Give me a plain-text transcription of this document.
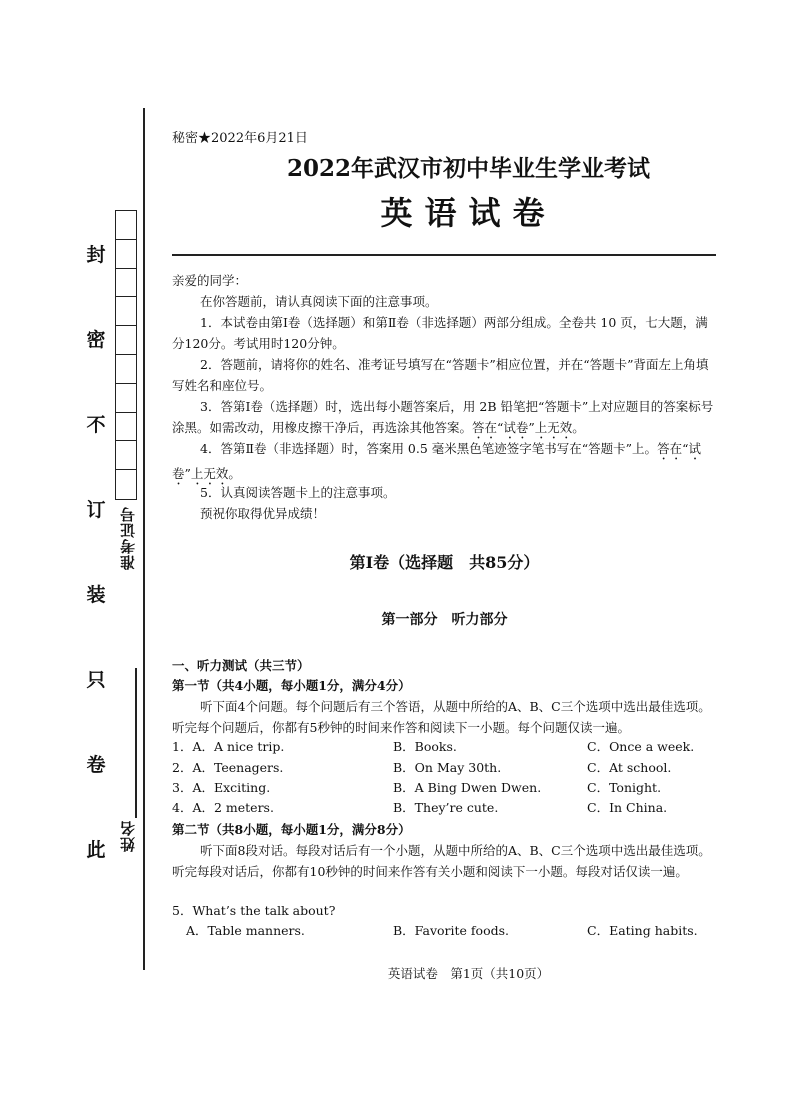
封
密
不
订
装
只
卷
此
准考证号
姓名
秘密★2022年6月21日
2022年武汉市初中毕业生学业考试
英语试卷
亲爱的同学：
在你答题前，请认真阅读下面的注意事项。
1．本试卷由第Ⅰ卷（选择题）和第Ⅱ卷（非选择题）两部分组成。全卷共 10 页，七大题，满分120分。考试用时120分钟。
2．答题前，请将你的姓名、准考证号填写在“答题卡”相应位置，并在“答题卡”背面左上角填写姓名和座位号。
3．答第Ⅰ卷（选择题）时，选出每小题答案后，用 2B 铅笔把“答题卡”上对应题目的答案标号涂黑。如需改动，用橡皮擦干净后，再选涂其他答案。答在“试卷”上无效。
4．答第Ⅱ卷（非选择题）时，答案用 0.5 毫米黑色笔迹签字笔书写在“答题卡”上。答在“试卷”上无效。
5．认真阅读答题卡上的注意事项。
预祝你取得优异成绩！
第Ⅰ卷（选择题　共85分）
第一部分　听力部分
一、听力测试（共三节）
第一节（共4小题，每小题1分，满分4分）
听下面4个问题。每个问题后有三个答语，从题中所给的A、B、C三个选项中选出最佳选项。听完每个问题后，你都有5秒钟的时间来作答和阅读下一小题。每个问题仅读一遍。
1．A．A nice trip.	B．Books.	C．Once a week.
2．A．Teenagers.	B．On May 30th.	C．At school.
3．A．Exciting.	B．A Bing Dwen Dwen.	C．Tonight.
4．A．2 meters.	B．They’re cute.	C．In China.
第二节（共8小题，每小题1分，满分8分）
听下面8段对话。每段对话后有一个小题，从题中所给的A、B、C三个选项中选出最佳选项。听完每段对话后，你都有10秒钟的时间来作答有关小题和阅读下一小题。每段对话仅读一遍。
5．What’s the talk about?
A．Table manners.	B．Favorite foods.	C．Eating habits.
英语试卷　第1页（共10页）
